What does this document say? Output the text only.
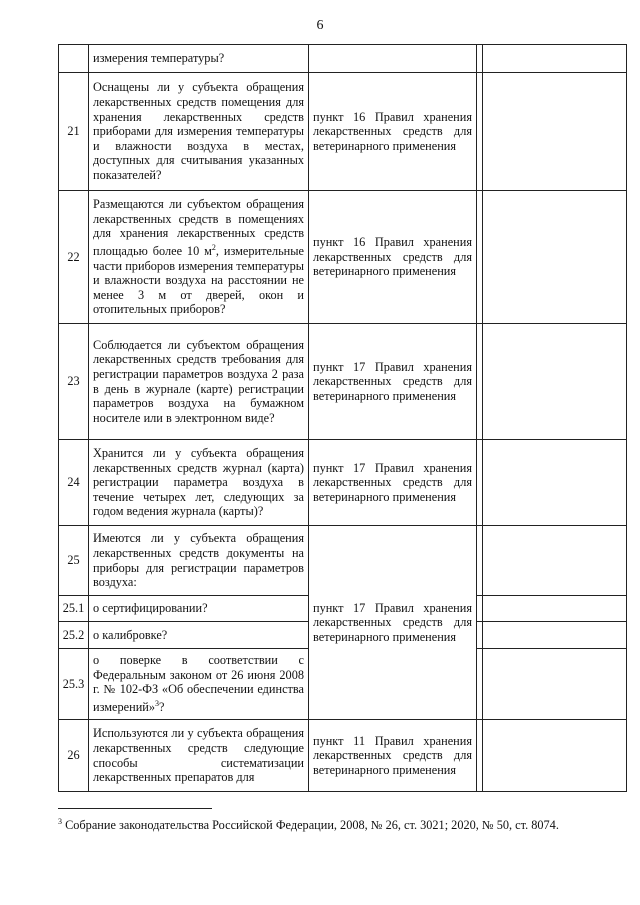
6
	измерения температуры?			
21	Оснащены ли у субъекта обращения лекарственных средств помещения для хранения лекарственных средств приборами для измерения температуры и влажности воздуха в местах, доступных для считывания указанных показателей?	пункт 16 Правил хранения лекарственных средств для ветеринарного применения		
22	Размещаются ли субъектом обращения лекарственных средств в помещениях для хранения лекарственных средств площадью более 10 $м^2$, измерительные части приборов измерения температуры и влажности воздуха на расстоянии не менее 3 м от дверей, окон и отопительных приборов?	пункт 16 Правил хранения лекарственных средств для ветеринарного применения		
23	Соблюдается ли субъектом обращения лекарственных средств требования для регистрации параметров воздуха 2 раза в день в журнале (карте) регистрации параметров воздуха на бумажном носителе или в электронном виде?	пункт 17 Правил хранения лекарственных средств для ветеринарного применения		
24	Хранится ли у субъекта обращения лекарственных средств журнал (карта) регистрации параметра воздуха в течение четырех лет, следующих за годом ведения журнала (карты)?	пункт 17 Правил хранения лекарственных средств для ветеринарного применения		
25	Имеются ли у субъекта обращения лекарственных средств документы на приборы для регистрации параметров воздуха:	пункт 17 Правил хранения лекарственных средств для ветеринарного применения		
25.1	о сертифицировании?			
25.2	о калибровке?			
25.3	о поверке в соответствии с Федеральным законом от 26 июня 2008 г. № 102-ФЗ «Об обеспечении единства измерений»$^3$?			
26	Используются ли у субъекта обращения лекарственных средств следующие способы систематизации лекарственных препаратов для	пункт 11 Правил хранения лекарственных средств для ветеринарного применения		
$^3$ Собрание законодательства Российской Федерации, 2008, № 26, ст. 3021; 2020, № 50, ст. 8074.
